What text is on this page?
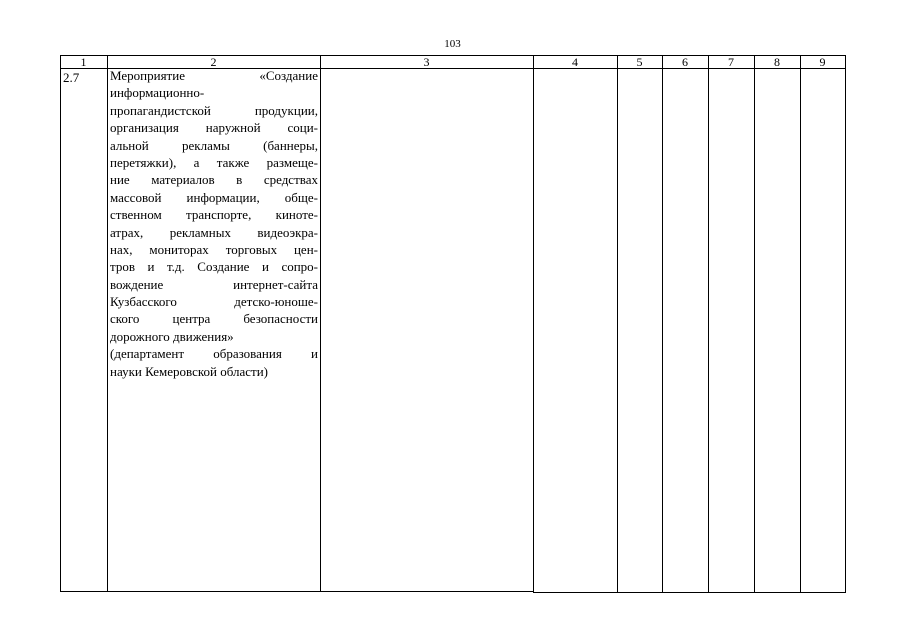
103
1	2	3	4	5	6	7	8	9
2.7 Мероприятие «Создание
информационно-
пропагандистской продукции,
организация наружной соци-
альной рекламы (баннеры,
перетяжки), а также размеще-
ние материалов в средствах
массовой информации, обще-
ственном транспорте, кинотe-
атрах, рекламных видеоэкра-
нах, мониторах торговых цен-
тров и т.д. Создание и сопро-
вождение интернет-сайта
Кузбасского детско-юноше-
ского центра безопасности
дорожного движения»
(департамент образования и
науки Кемеровской области)
